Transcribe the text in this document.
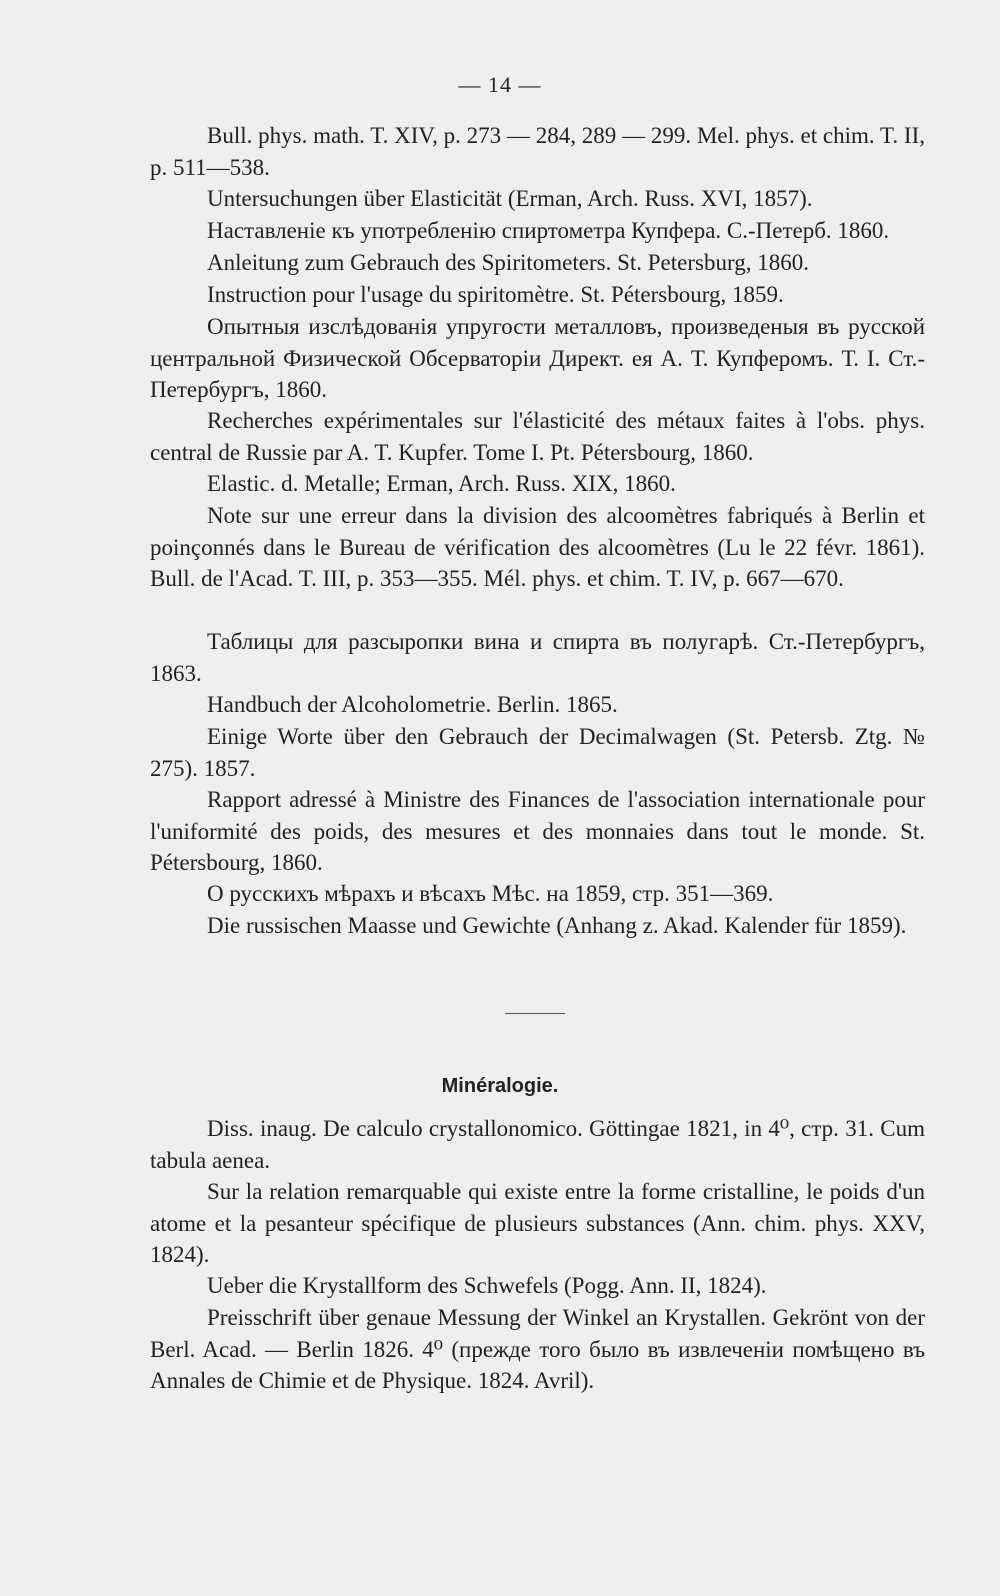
— 14 —

Bull. phys. math. T. XIV, p. 273 — 284, 289 — 299. Mel. phys. et chim. T. II, p. 511—538.

Untersuchungen über Elasticität (Erman, Arch. Russ. XVI, 1857).

Наставленіе къ употребленію спиртометра Купфера. С.-Петерб. 1860.

Anleitung zum Gebrauch des Spiritometers. St. Petersburg, 1860.

Instruction pour l'usage du spiritomètre. St. Pétersbourg, 1859.

Опытныя изслѣдованія упругости металловъ, произведеныя въ русской центральной Физической Обсерваторіи Директ. ея А. Т. Купферомъ. Т. I. Ст.-Петербургъ, 1860.

Recherches expérimentales sur l'élasticité des métaux faites à l'obs. phys. central de Russie par A. T. Kupfer. Tome I. Pt. Pétersbourg, 1860.

Elastic. d. Metalle; Erman, Arch. Russ. XIX, 1860.

Note sur une erreur dans la division des alcoomètres fabriqués à Berlin et poinçonnés dans le Bureau de vérification des alcoomètres (Lu le 22 févr. 1861). Bull. de l'Acad. T. III, p. 353—355. Mél. phys. et chim. T. IV, p. 667—670.

Таблицы для разсыропки вина и спирта въ полугарѣ. Ст.-Петербургъ, 1863.

Handbuch der Alcoholometrie. Berlin. 1865.

Einige Worte über den Gebrauch der Decimalwagen (St. Petersb. Ztg. № 275). 1857.

Rapport adressé à Ministre des Finances de l'association internationale pour l'uniformité des poids, des mesures et des monnaies dans tout le monde. St. Pétersbourg, 1860.

О русскихъ мѣрахъ и вѣсахъ Мѣс. на 1859, стр. 351—369.

Die russischen Maasse und Gewichte (Anhang z. Akad. Kalender für 1859).

Minéralogie.

Diss. inaug. De calculo crystallonomico. Göttingae 1821, in 4⁰, стр. 31. Cum tabula aenea.

Sur la relation remarquable qui existe entre la forme cristalline, le poids d'un atome et la pesanteur spécifique de plusieurs substances (Ann. chim. phys. XXV, 1824).

Ueber die Krystallform des Schwefels (Pogg. Ann. II, 1824).

Preisschrift über genaue Messung der Winkel an Krystallen. Gekrönt von der Berl. Acad. — Berlin 1826. 4⁰ (прежде того было въ извлеченіи помѣщено въ Annales de Chimie et de Physique. 1824. Avril).
